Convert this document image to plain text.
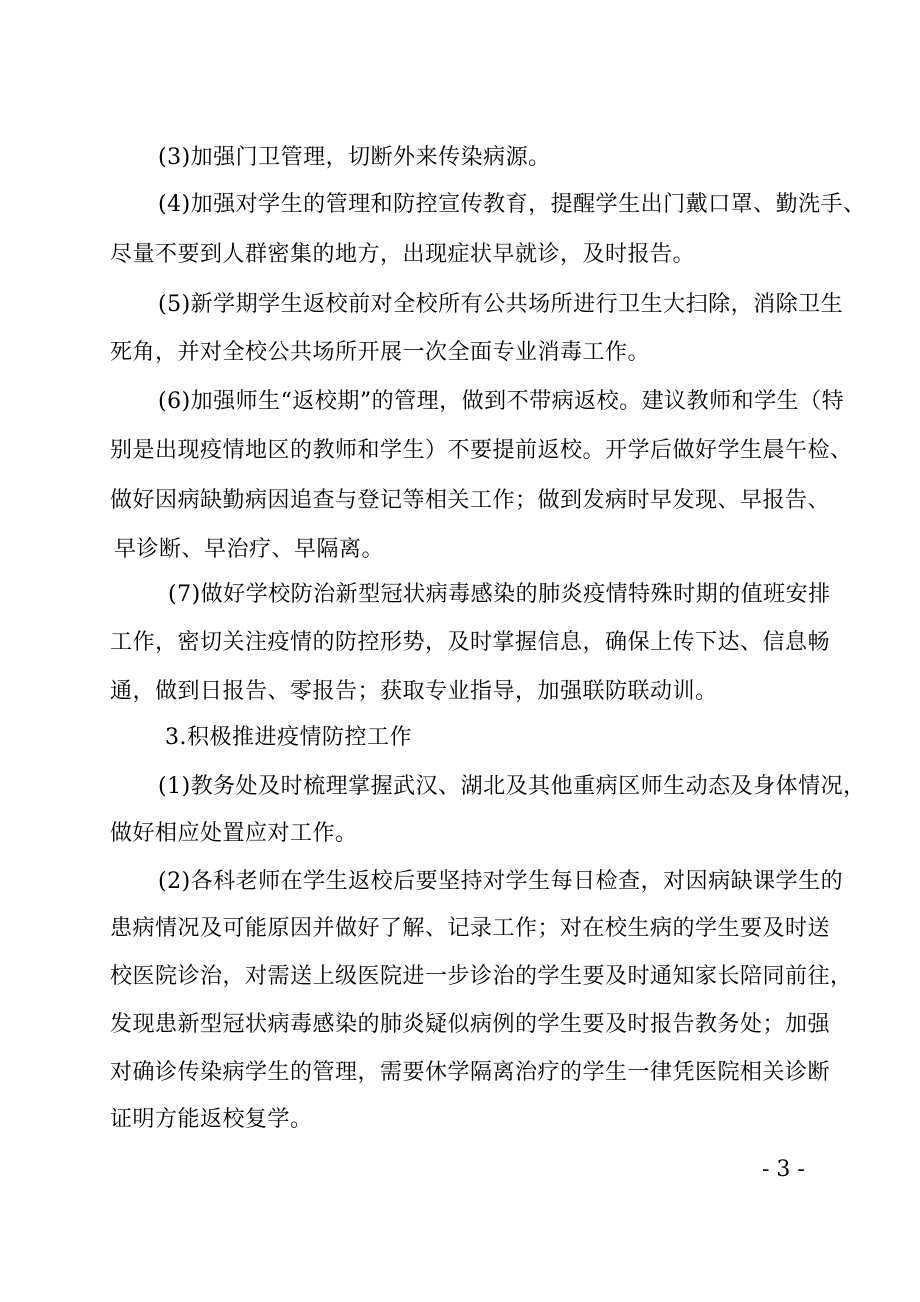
(3)加强门卫管理，切断外来传染病源。
(4)加强对学生的管理和防控宣传教育，提醒学生出门戴口罩、勤洗手、
尽量不要到人群密集的地方，出现症状早就诊，及时报告。
(5)新学期学生返校前对全校所有公共场所进行卫生大扫除，消除卫生
死角，并对全校公共场所开展一次全面专业消毒工作。
(6)加强师生“返校期”的管理，做到不带病返校。建议教师和学生（特
别是出现疫情地区的教师和学生）不要提前返校。开学后做好学生晨午检、
做好因病缺勤病因追查与登记等相关工作；做到发病时早发现、早报告、
早诊断、早治疗、早隔离。
(7)做好学校防治新型冠状病毒感染的肺炎疫情特殊时期的值班安排
工作，密切关注疫情的防控形势，及时掌握信息，确保上传下达、信息畅
通，做到日报告、零报告；获取专业指导，加强联防联动训。
3.积极推进疫情防控工作
(1)教务处及时梳理掌握武汉、湖北及其他重病区师生动态及身体情况，
做好相应处置应对工作。
(2)各科老师在学生返校后要坚持对学生每日检查，对因病缺课学生的
患病情况及可能原因并做好了解、记录工作；对在校生病的学生要及时送
校医院诊治，对需送上级医院进一步诊治的学生要及时通知家长陪同前往，
发现患新型冠状病毒感染的肺炎疑似病例的学生要及时报告教务处；加强
对确诊传染病学生的管理，需要休学隔离治疗的学生一律凭医院相关诊断
证明方能返校复学。
- 3 -
